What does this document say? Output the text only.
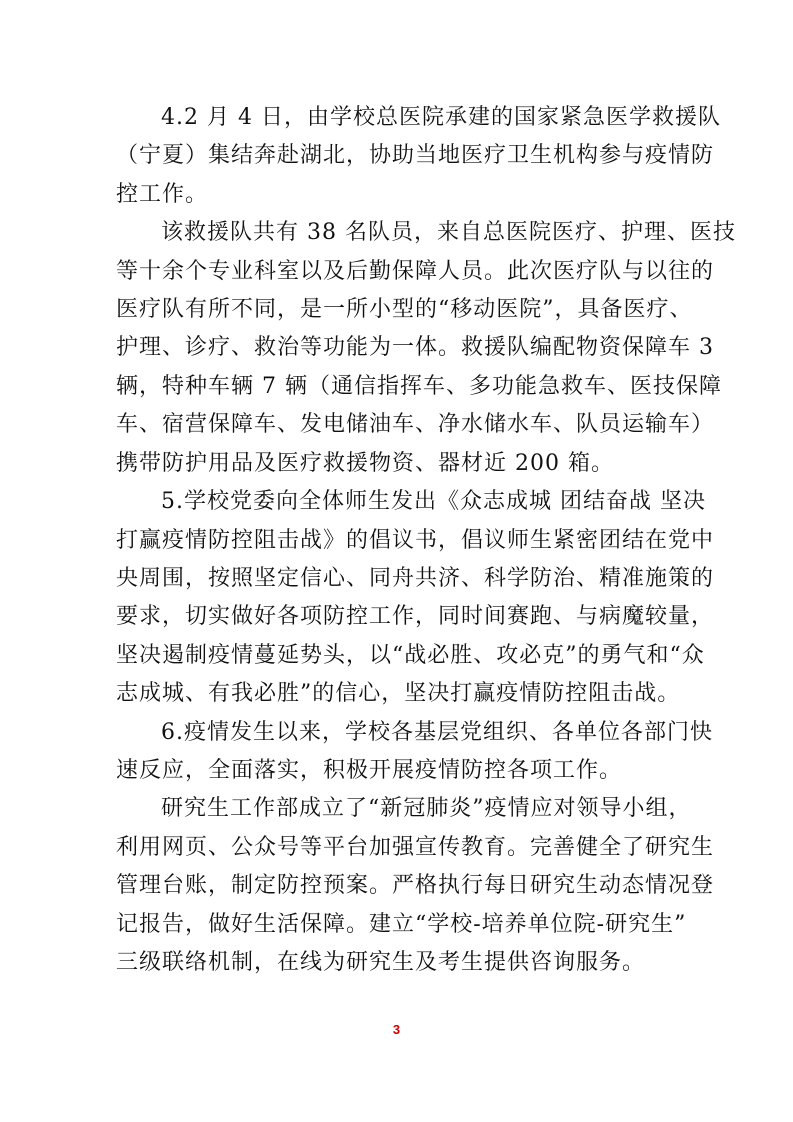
4.2 月 4 日，由学校总医院承建的国家紧急医学救援队
（宁夏）集结奔赴湖北，协助当地医疗卫生机构参与疫情防
控工作。
该救援队共有 38 名队员，来自总医院医疗、护理、医技
等十余个专业科室以及后勤保障人员。此次医疗队与以往的
医疗队有所不同，是一所小型的“移动医院”，具备医疗、
护理、诊疗、救治等功能为一体。救援队编配物资保障车 3
辆，特种车辆 7 辆（通信指挥车、多功能急救车、医技保障
车、宿营保障车、发电储油车、净水储水车、队员运输车）
携带防护用品及医疗救援物资、器材近 200 箱。
5.学校党委向全体师生发出《众志成城 团结奋战 坚决
打赢疫情防控阻击战》的倡议书，倡议师生紧密团结在党中
央周围，按照坚定信心、同舟共济、科学防治、精准施策的
要求，切实做好各项防控工作，同时间赛跑、与病魔较量，
坚决遏制疫情蔓延势头，以“战必胜、攻必克”的勇气和“众
志成城、有我必胜”的信心，坚决打赢疫情防控阻击战。
6.疫情发生以来，学校各基层党组织、各单位各部门快
速反应，全面落实，积极开展疫情防控各项工作。
研究生工作部成立了“新冠肺炎”疫情应对领导小组，
利用网页、公众号等平台加强宣传教育。完善健全了研究生
管理台账，制定防控预案。严格执行每日研究生动态情况登
记报告，做好生活保障。建立“学校-培养单位院-研究生”
三级联络机制，在线为研究生及考生提供咨询服务。
3
